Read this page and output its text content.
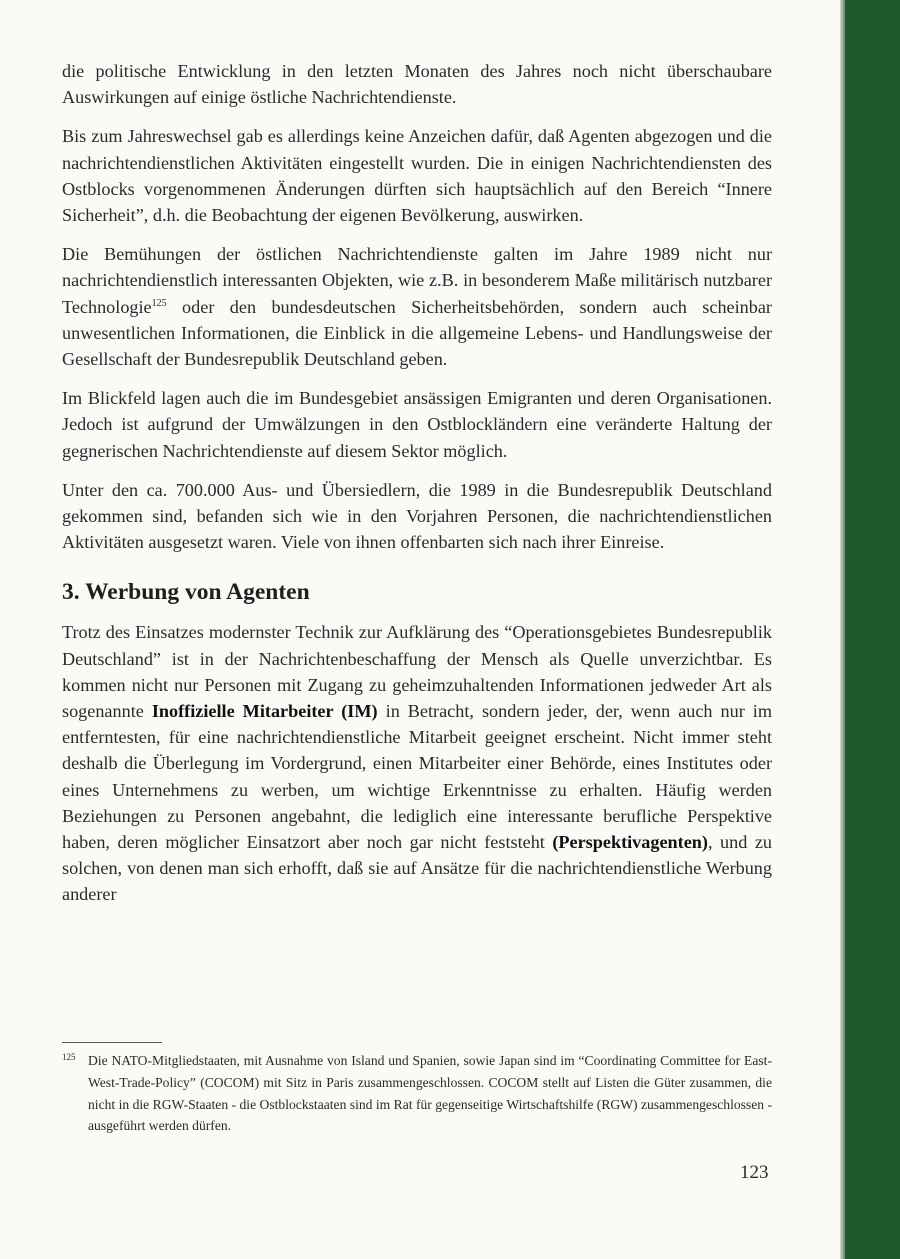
die politische Entwicklung in den letzten Monaten des Jahres noch nicht überschaubare Auswirkungen auf einige östliche Nachrichtendienste.

Bis zum Jahreswechsel gab es allerdings keine Anzeichen dafür, daß Agenten abgezogen und die nachrichtendienstlichen Aktivitäten eingestellt wurden. Die in einigen Nachrichtendiensten des Ostblocks vorgenommenen Änderungen dürften sich hauptsächlich auf den Bereich “Innere Sicherheit”, d.h. die Beobachtung der eigenen Bevölkerung, auswirken.

Die Bemühungen der östlichen Nachrichtendienste galten im Jahre 1989 nicht nur nachrichtendienstlich interessanten Objekten, wie z.B. in besonderem Maße militärisch nutzbarer Technologie$^{125}$ oder den bundesdeutschen Sicherheitsbehörden, sondern auch scheinbar unwesentlichen Informationen, die Einblick in die allgemeine Lebens- und Handlungsweise der Gesellschaft der Bundesrepublik Deutschland geben.

Im Blickfeld lagen auch die im Bundesgebiet ansässigen Emigranten und deren Organisationen. Jedoch ist aufgrund der Umwälzungen in den Ostblockländern eine veränderte Haltung der gegnerischen Nachrichtendienste auf diesem Sektor möglich.

Unter den ca. 700.000 Aus- und Übersiedlern, die 1989 in die Bundesrepublik Deutschland gekommen sind, befanden sich wie in den Vorjahren Personen, die nachrichtendienstlichen Aktivitäten ausgesetzt waren. Viele von ihnen offenbarten sich nach ihrer Einreise.

3. Werbung von Agenten

Trotz des Einsatzes modernster Technik zur Aufklärung des “Operationsgebietes Bundesrepublik Deutschland” ist in der Nachrichtenbeschaffung der Mensch als Quelle unverzichtbar. Es kommen nicht nur Personen mit Zugang zu geheimzuhaltenden Informationen jedweder Art als sogenannte Inoffizielle Mitarbeiter (IM) in Betracht, sondern jeder, der, wenn auch nur im entferntesten, für eine nachrichtendienstliche Mitarbeit geeignet erscheint. Nicht immer steht deshalb die Überlegung im Vordergrund, einen Mitarbeiter einer Behörde, eines Institutes oder eines Unternehmens zu werben, um wichtige Erkenntnisse zu erhalten. Häufig werden Beziehungen zu Personen angebahnt, die lediglich eine interessante berufliche Perspektive haben, deren möglicher Einsatzort aber noch gar nicht feststeht (Perspektivagenten), und zu solchen, von denen man sich erhofft, daß sie auf Ansätze für die nachrichtendienstliche Werbung anderer

125 Die NATO-Mitgliedstaaten, mit Ausnahme von Island und Spanien, sowie Japan sind im “Coordinating Committee for East-West-Trade-Policy” (COCOM) mit Sitz in Paris zusammengeschlossen. COCOM stellt auf Listen die Güter zusammen, die nicht in die RGW-Staaten - die Ostblockstaaten sind im Rat für gegenseitige Wirtschaftshilfe (RGW) zusammengeschlossen - ausgeführt werden dürfen.
123
